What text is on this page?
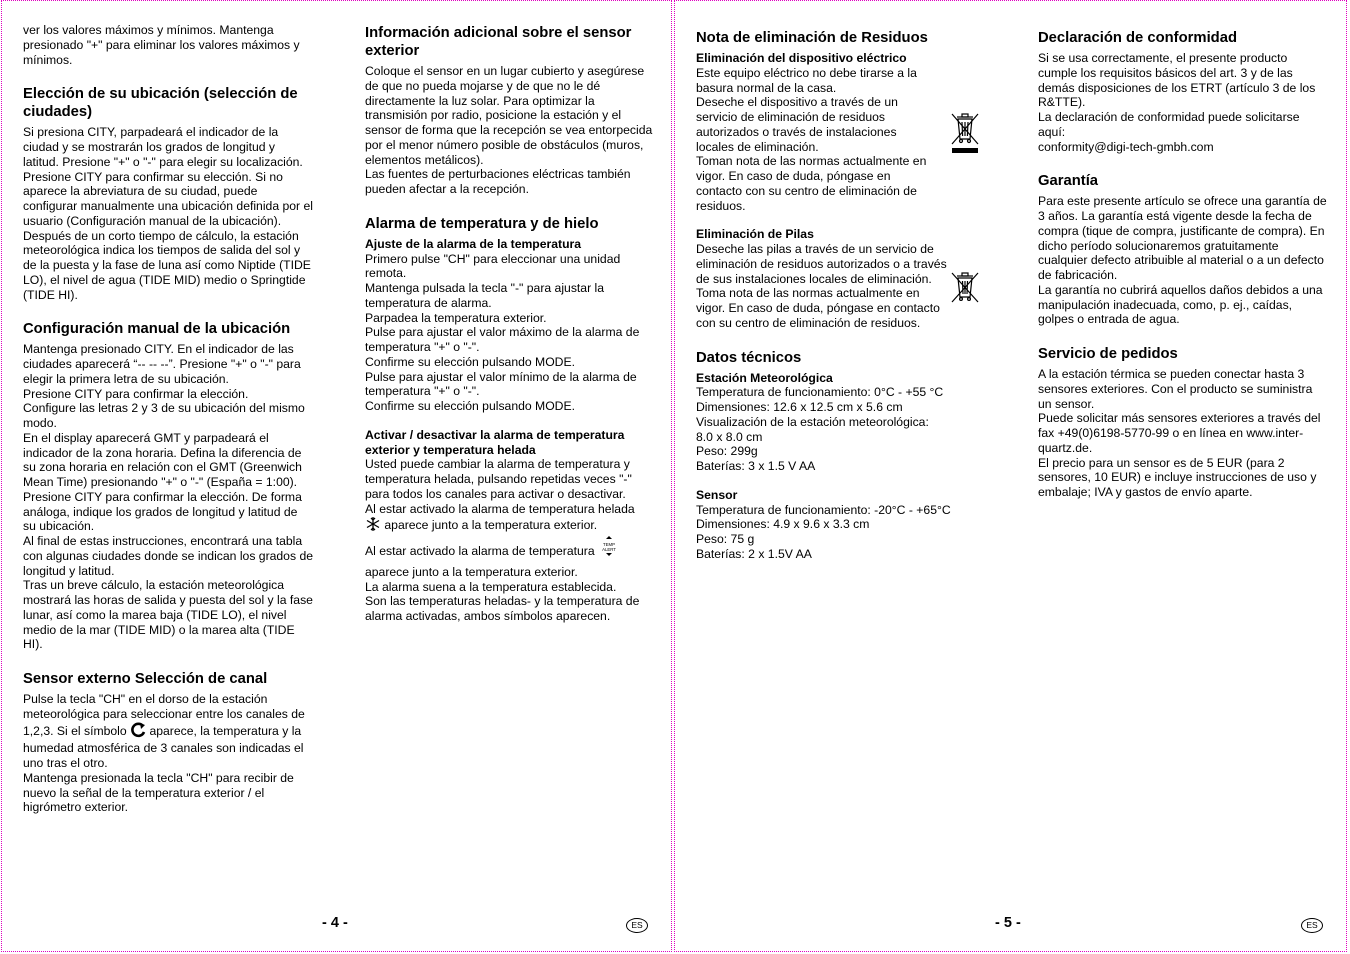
ver los valores máximos y mínimos. Mantenga presionado "+" para eliminar los valores máximos y mínimos.

Elección de su ubicación (selección de ciudades)

Si presiona CITY, parpadeará el indicador de la ciudad y se mostrarán los grados de longitud y latitud. Presione "+" o "-" para elegir su localización. Presione CITY para confirmar su elección. Si no aparece la abreviatura de su ciudad, puede configurar manualmente una ubicación definida por el usuario (Configuración manual de la ubicación).

Después de un corto tiempo de cálculo, la estación meteorológica indica los tiempos de salida del sol y de la puesta y la fase de luna así como Niptide (TIDE LO), el nivel de agua (TIDE MID) medio o Springtide (TIDE HI).

Configuración manual de la ubicación

Mantenga presionado CITY. En el indicador de las ciudades aparecerá “-- -- --”. Presione "+" o "-" para elegir la primera letra de su ubicación.

Presione CITY para confirmar la elección.

Configure las letras 2 y 3 de su ubicación del mismo modo.

En el display aparecerá GMT y parpadeará el indicador de la zona horaria. Defina la diferencia de su zona horaria en relación con el GMT (Greenwich Mean Time) presionando "+" o "-" (España = 1:00).

Presione CITY para confirmar la elección. De forma análoga, indique los grados de longitud y latitud de su ubicación.

Al final de estas instrucciones, encontrará una tabla con algunas ciudades donde se indican los grados de longitud y latitud.

Tras un breve cálculo, la estación meteorológica mostrará las horas de salida y puesta del sol y la fase lunar, así como la marea baja (TIDE LO), el nivel medio de la mar (TIDE MID) o la marea alta (TIDE HI).

Sensor externo Selección de canal

Pulse la tecla "CH" en el dorso de la estación meteorológica para seleccionar entre los canales de 1,2,3. Si el símbolo aparece, la temperatura y la humedad atmosférica de 3 canales son indicadas el uno tras el otro.

Mantenga presionada la tecla "CH" para recibir de nuevo la señal de la temperatura exterior / el higrómetro exterior.

Información adicional sobre el sensor exterior

Coloque el sensor en un lugar cubierto y asegúrese de que no pueda mojarse y de que no le dé directamente la luz solar. Para optimizar la transmisión por radio, posicione la estación y el sensor de forma que la recepción se vea entorpecida por el menor número posible de obstáculos (muros, elementos metálicos).

Las fuentes de perturbaciones eléctricas también pueden afectar a la recepción.

Alarma de temperatura y de hielo

Ajuste de la alarma de la temperatura

Primero pulse "CH" para eleccionar una unidad remota.

Mantenga pulsada la tecla "-" para ajustar la temperatura de alarma.

Parpadea la temperatura exterior.

Pulse para ajustar el valor máximo de la alarma de temperatura "+" o "-".

Confirme su elección pulsando MODE.

Pulse para ajustar el valor mínimo de la alarma de temperatura "+" o "-".

Confirme su elección pulsando MODE.

Activar / desactivar la alarma de temperatura exterior y temperatura helada

Usted puede cambiar la alarma de temperatura y temperatura helada, pulsando repetidas veces "-" para todos los canales para activar o desactivar.

Al estar activado la alarma de temperatura helada

aparece junto a la temperatura exterior.

Al estar activado la alarma de temperatura TEMP
ALERT

aparece junto a la temperatura exterior.

La alarma suena a la temperatura establecida.

Son las temperaturas heladas- y la temperatura de alarma activadas, ambos símbolos aparecen.

- 4 -	ES
Nota de eliminación de Residuos

Eliminación del dispositivo eléctrico

Este equipo eléctrico no debe tirarse a la basura normal de la casa.

Deseche el dispositivo a través de un servicio de eliminación de residuos autorizados o través de instalaciones locales de eliminación.

Toman nota de las normas actualmente en vigor. En caso de duda, póngase en contacto con su centro de eliminación de residuos.

Eliminación de Pilas

Deseche las pilas a través de un servicio de eliminación de residuos autorizados o a través de sus instalaciones locales de eliminación. Toma nota de las normas actualmente en vigor. En caso de duda, póngase en contacto con su centro de eliminación de residuos.

Datos técnicos

Estación Meteorológica

Temperatura de funcionamiento: 0°C - +55 °C

Dimensiones: 12.6 x 12.5 cm x 5.6 cm

Visualización de la estación meteorológica:

8.0 x 8.0 cm

Peso: 299g

Baterías: 3 x 1.5 V AA

Sensor

Temperatura de funcionamiento: -20°C - +65°C

Dimensiones: 4.9 x 9.6 x 3.3 cm

Peso: 75 g

Baterías: 2 x 1.5V AA

Declaración de conformidad

Si se usa correctamente, el presente producto cumple los requisitos básicos del art. 3 y de las demás disposiciones de los ETRT (artículo 3 de los R&TTE).

La declaración de conformidad puede solicitarse aquí:

conformity@digi-tech-gmbh.com

Garantía

Para este presente artículo se ofrece una garantía de 3 años. La garantía está vigente desde la fecha de compra (tique de compra, justificante de compra). En dicho período solucionaremos gratuitamente cualquier defecto atribuible al material o a un defecto de fabricación.

La garantía no cubrirá aquellos daños debidos a una manipulación inadecuada, como, p. ej., caídas, golpes o entrada de agua.

Servicio de pedidos

A la estación térmica se pueden conectar hasta 3 sensores exteriores. Con el producto se suministra un sensor.

Puede solicitar más sensores exteriores a través del fax +49(0)6198-5770-99 o en línea en www.inter-quartz.de.

El precio para un sensor es de 5 EUR (para 2 sensores, 10 EUR) e incluye instrucciones de uso y embalaje; IVA y gastos de envío aparte.

- 5 -	ES
